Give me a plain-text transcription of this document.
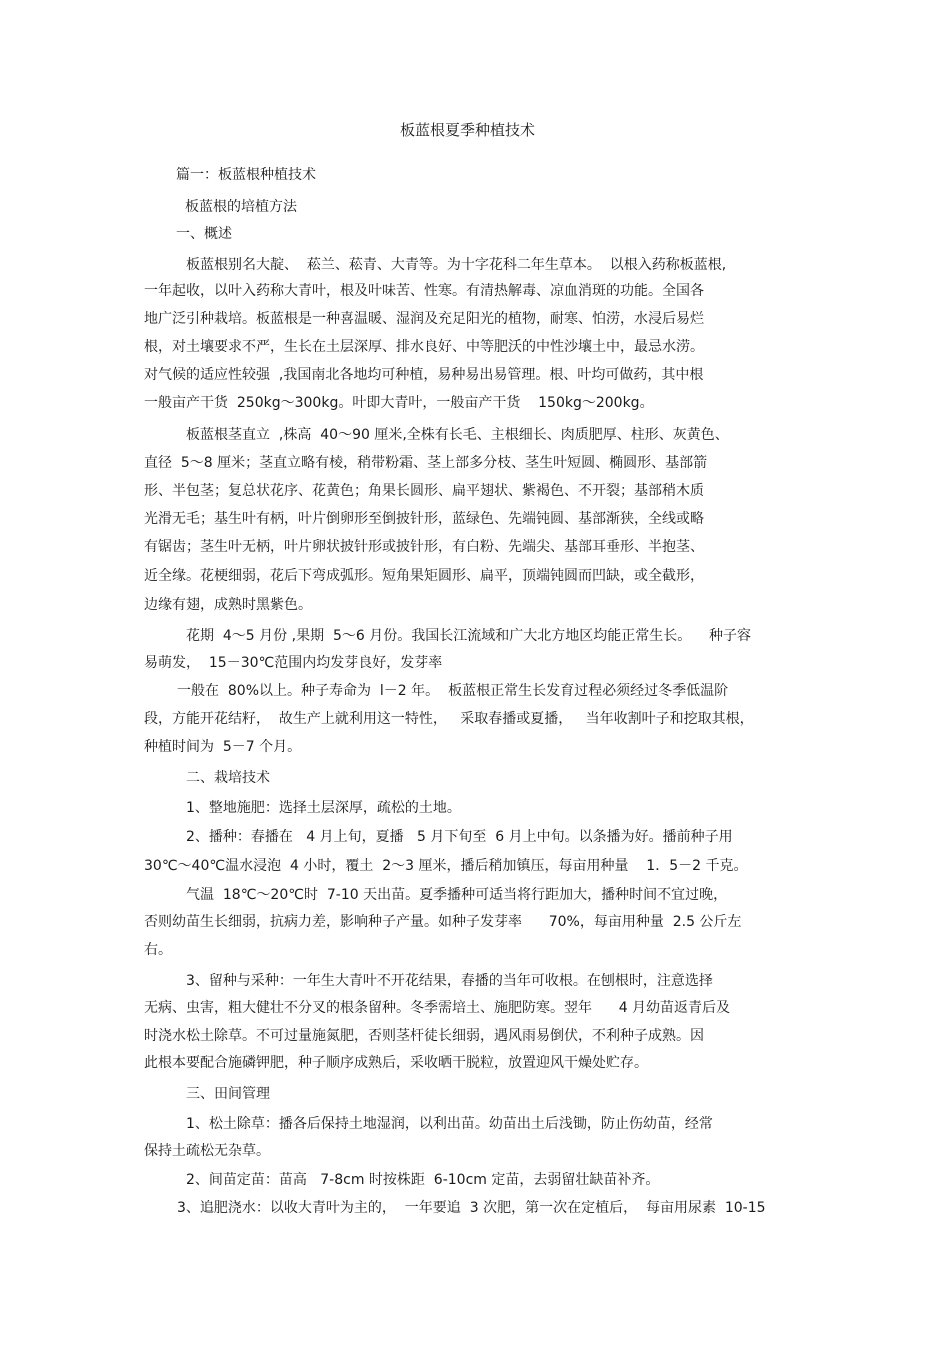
板蓝根夏季种植技术
篇一：板蓝根种植技术
板蓝根的培植方法
一、概述
板蓝根别名大靛、  菘兰、菘青、大青等。为十字花科二年生草本。  以根入药称板蓝根,
一年起收，以叶入药称大青叶，根及叶味苦、性寒。有清热解毒、凉血消斑的功能。全国各
地广泛引种栽培。板蓝根是一种喜温暖、湿润及充足阳光的植物，耐寒、怕涝，水浸后易烂
根，对土壤要求不严，生长在土层深厚、排水良好、中等肥沃的中性沙壤土中，最忌水涝。
对气候的适应性较强  ,我国南北各地均可种植，易种易出易管理。根、叶均可做药，其中根
一般亩产干货  250kg～300kg。叶即大青叶，一般亩产干货    150kg～200kg。
板蓝根茎直立  ,株高  40～90 厘米,全株有长毛、主根细长、肉质肥厚、柱形、灰黄色、
直径  5～8 厘米；茎直立略有棱，稍带粉霜、茎上部多分枝、茎生叶短圆、椭圆形、基部箭
形、半包茎；复总状花序、花黄色；角果长圆形、扁平翅状、紫褐色、不开裂；基部稍木质
光滑无毛；基生叶有柄，叶片倒卵形至倒披针形，蓝绿色、先端钝圆、基部渐狭，全线或略
有锯齿；茎生叶无柄，叶片卵状披针形或披针形，有白粉、先端尖、基部耳垂形、半抱茎、
近全缘。花梗细弱，花后下弯成弧形。短角果矩圆形、扁平，顶端钝圆而凹缺，或全截形，
边缘有翅，成熟时黑紫色。
花期  4～5 月份 ,果期  5～6 月份。我国长江流域和广大北方地区均能正常生长。    种子容
易萌发，  15－30℃范围内均发芽良好，发芽率
一般在  80%以上。种子寿命为  l－2 年。  板蓝根正常生长发育过程必须经过冬季低温阶
段，方能开花结籽，  故生产上就利用这一特性，   采取春播或夏播，   当年收割叶子和挖取其根，
种植时间为  5－7 个月。
二、栽培技术
1、整地施肥：选择土层深厚，疏松的土地。
2、播种：春播在   4 月上旬，夏播   5 月下旬至  6 月上中旬。以条播为好。播前种子用
30℃～40℃温水浸泡  4 小时，覆土  2～3 厘米，播后稍加镇压，每亩用种量    1．5－2 千克。
气温  18℃～20℃时  7-10 天出苗。夏季播种可适当将行距加大，播种时间不宜过晚，
否则幼苗生长细弱，抗病力差，影响种子产量。如种子发芽率      70%，每亩用种量  2.5 公斤左
右。
3、留种与采种：一年生大青叶不开花结果，春播的当年可收根。在刨根时，注意选择
无病、虫害，粗大健壮不分叉的根条留种。冬季需培土、施肥防寒。翌年      4 月幼苗返青后及
时浇水松土除草。不可过量施氮肥，否则茎杆徒长细弱，遇风雨易倒伏，不利种子成熟。因
此根本要配合施磷钾肥，种子顺序成熟后，采收晒干脱粒，放置迎风干燥处贮存。
三、田间管理
1、松土除草：播各后保持土地湿润，以利出苗。幼苗出土后浅锄，防止伤幼苗，经常
保持土疏松无杂草。
2、间苗定苗：苗高   7-8cm 时按株距  6-10cm 定苗，去弱留壮缺苗补齐。
3、追肥浇水：以收大青叶为主的，  一年要追  3 次肥，第一次在定植后，  每亩用尿素  10-15
